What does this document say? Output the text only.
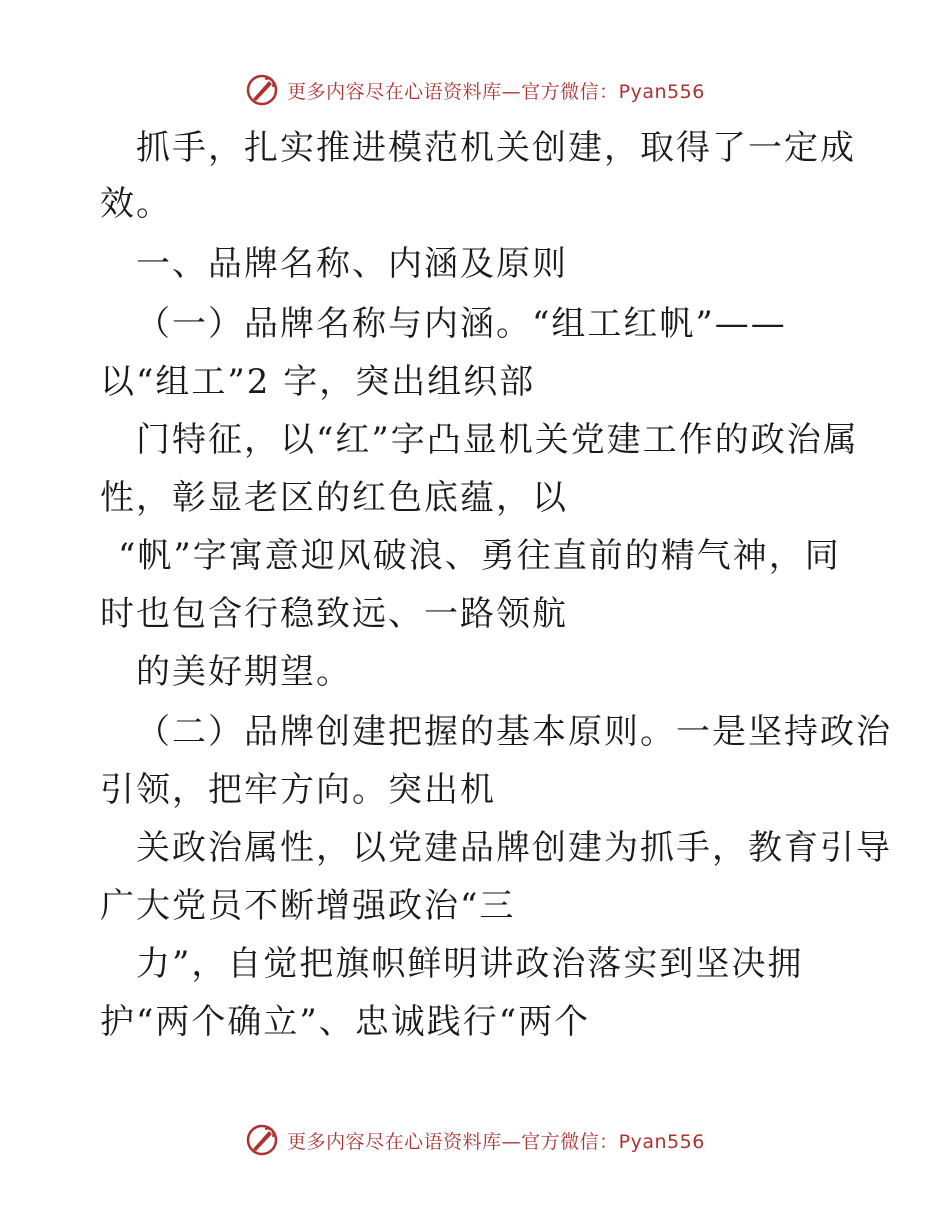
更多内容尽在心语资料库—官方微信：Pyan556
抓手，扎实推进模范机关创建，取得了一定成
效。
一、品牌名称、内涵及原则
（一）品牌名称与内涵。“组工红帆”——
以“组工”2 字，突出组织部
门特征，以“红”字凸显机关党建工作的政治属
性，彰显老区的红色底蕴，以
“帆”字寓意迎风破浪、勇往直前的精气神，同
时也包含行稳致远、一路领航
的美好期望。
（二）品牌创建把握的基本原则。一是坚持政治
引领，把牢方向。突出机
关政治属性，以党建品牌创建为抓手，教育引导
广大党员不断增强政治“三
力”，自觉把旗帜鲜明讲政治落实到坚决拥
护“两个确立”、忠诚践行“两个
更多内容尽在心语资料库—官方微信：Pyan556
